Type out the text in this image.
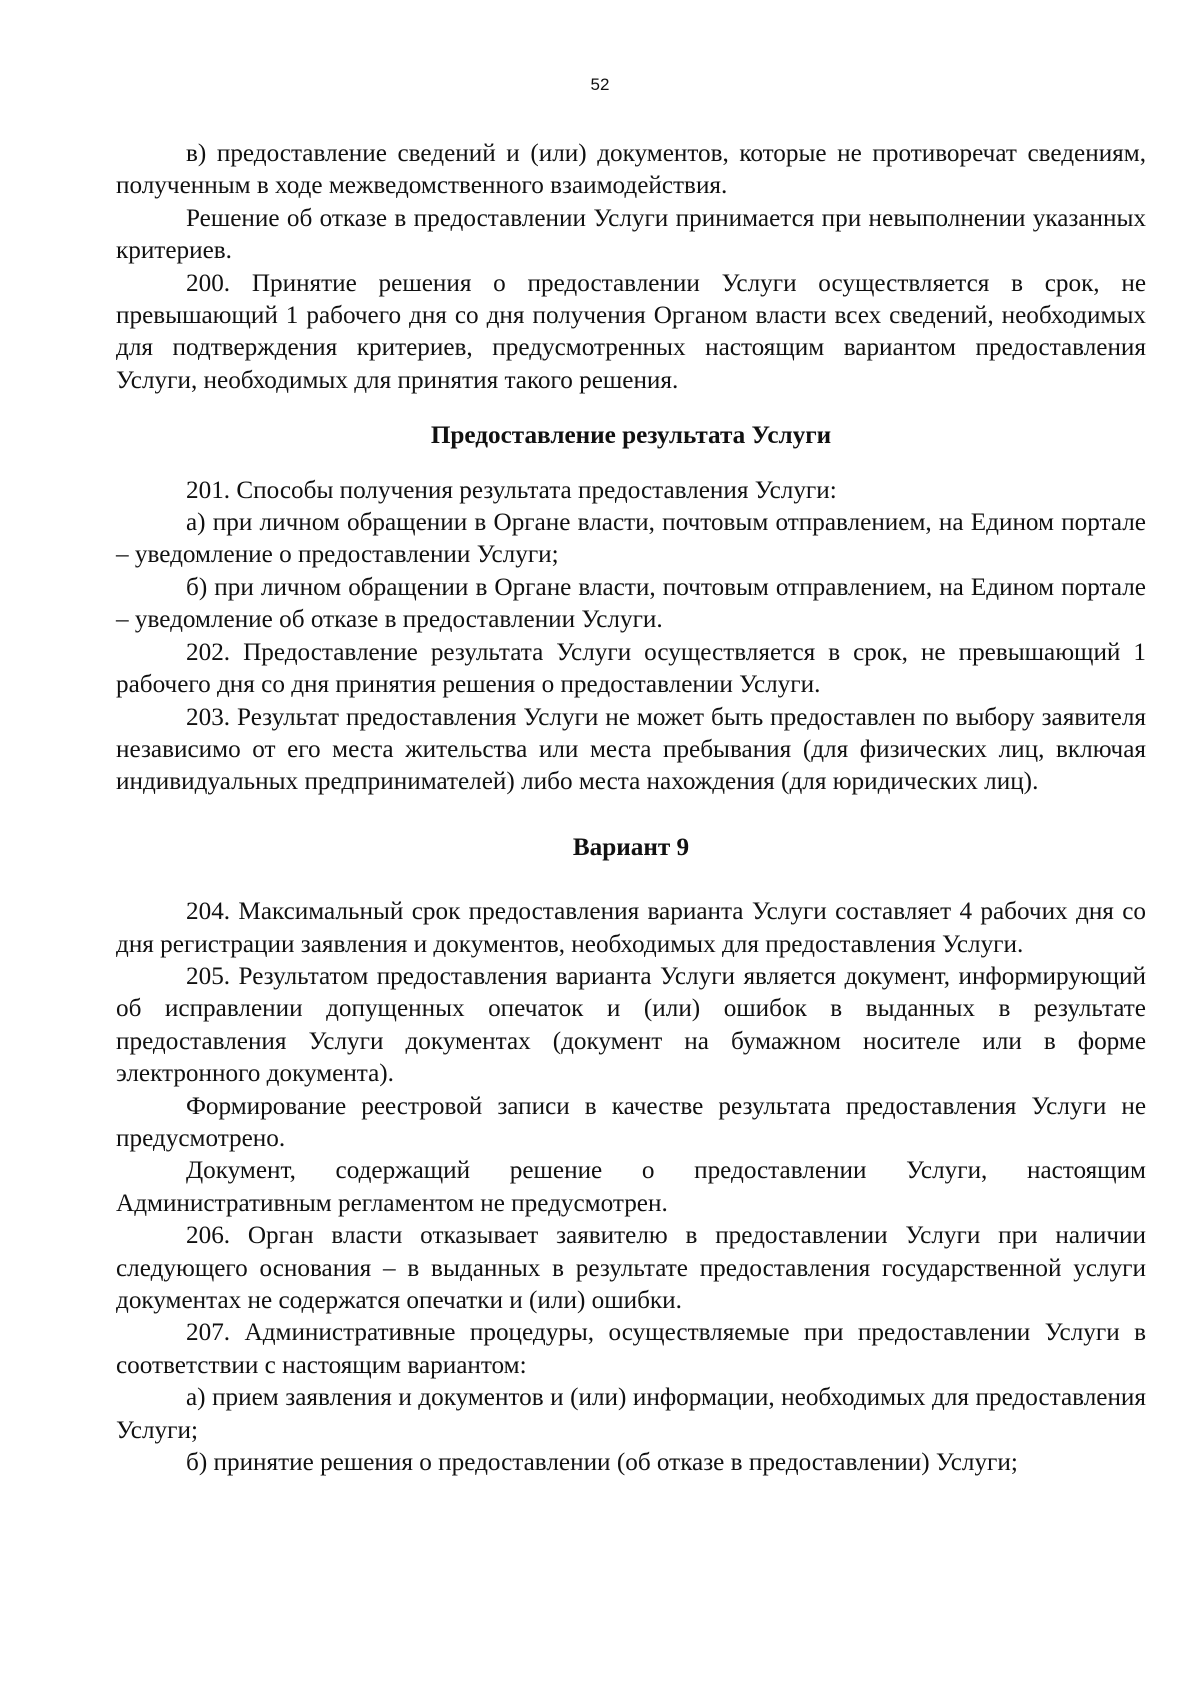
52

в) предоставление сведений и (или) документов, которые не противоречат сведениям, полученным в ходе межведомственного взаимодействия.

Решение об отказе в предоставлении Услуги принимается при невыполнении указанных критериев.

200. Принятие решения о предоставлении Услуги осуществляется в срок, не превышающий 1 рабочего дня со дня получения Органом власти всех сведений, необходимых для подтверждения критериев, предусмотренных настоящим вариантом предоставления Услуги, необходимых для принятия такого решения.

Предоставление результата Услуги

201. Способы получения результата предоставления Услуги:

а) при личном обращении в Органе власти, почтовым отправлением, на Едином портале – уведомление о предоставлении Услуги;

б) при личном обращении в Органе власти, почтовым отправлением, на Едином портале – уведомление об отказе в предоставлении Услуги.

202. Предоставление результата Услуги осуществляется в срок, не превышающий 1 рабочего дня со дня принятия решения о предоставлении Услуги.

203. Результат предоставления Услуги не может быть предоставлен по выбору заявителя независимо от его места жительства или места пребывания (для физических лиц, включая индивидуальных предпринимателей) либо места нахождения (для юридических лиц).

Вариант 9

204. Максимальный срок предоставления варианта Услуги составляет 4 рабочих дня со дня регистрации заявления и документов, необходимых для предоставления Услуги.

205. Результатом предоставления варианта Услуги является документ, информирующий об исправлении допущенных опечаток и (или) ошибок в выданных в результате предоставления Услуги документах (документ на бумажном носителе или в форме электронного документа).

Формирование реестровой записи в качестве результата предоставления Услуги не предусмотрено.

Документ, содержащий решение о предоставлении Услуги, настоящим Административным регламентом не предусмотрен.

206. Орган власти отказывает заявителю в предоставлении Услуги при наличии следующего основания – в выданных в результате предоставления государственной услуги документах не содержатся опечатки и (или) ошибки.

207. Административные процедуры, осуществляемые при предоставлении Услуги в соответствии с настоящим вариантом:

а) прием заявления и документов и (или) информации, необходимых для предоставления Услуги;

б) принятие решения о предоставлении (об отказе в предоставлении) Услуги;
